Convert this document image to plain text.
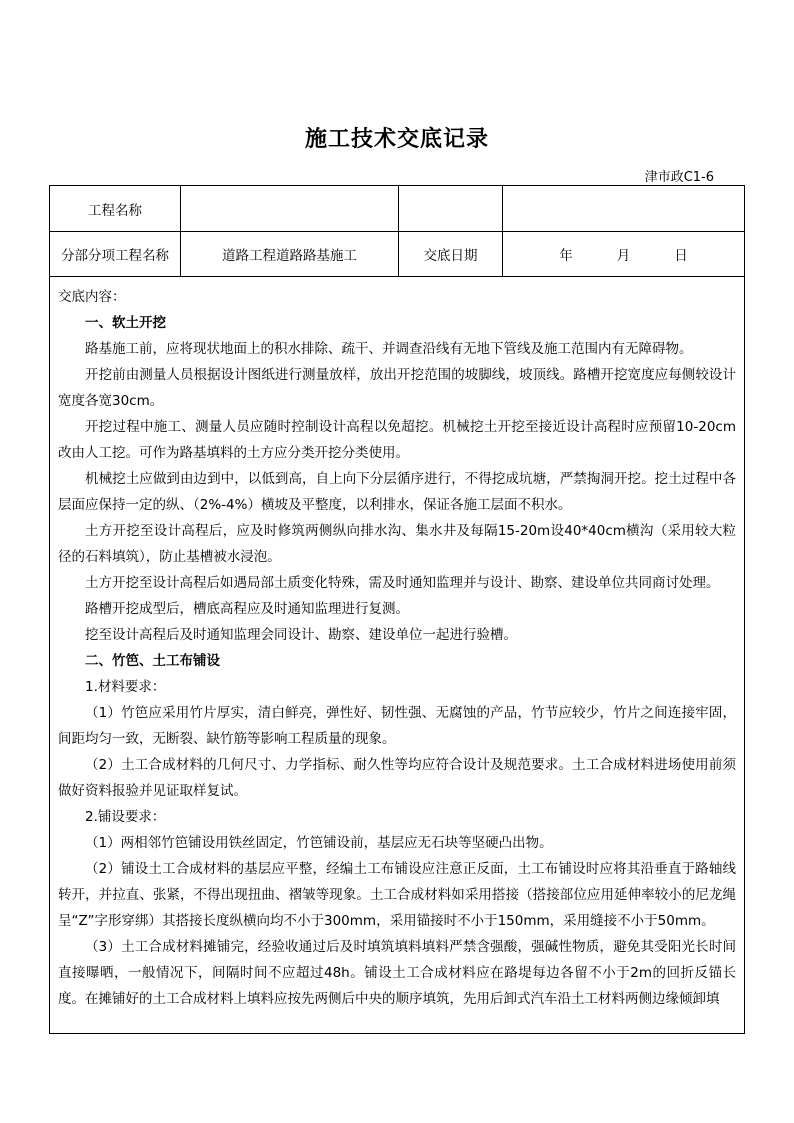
施工技术交底记录
津市政C1-6
工程名称
分部分项工程名称	道路工程道路路基施工	交底日期	年	月	日

交底内容：

一、软土开挖

路基施工前，应将现状地面上的积水排除、疏干、并调查沿线有无地下管线及施工范围内有无障碍物。

开挖前由测量人员根据设计图纸进行测量放样，放出开挖范围的坡脚线，坡顶线。路槽开挖宽度应每侧较设计宽度各宽30cm。

开挖过程中施工、测量人员应随时控制设计高程以免超挖。机械挖土开挖至接近设计高程时应预留10-20cm改由人工挖。可作为路基填料的土方应分类开挖分类使用。

机械挖土应做到由边到中，以低到高，自上向下分层循序进行，不得挖成坑塘，严禁掏洞开挖。挖土过程中各层面应保持一定的纵、（2%-4%）横坡及平整度，以利排水，保证各施工层面不积水。

土方开挖至设计高程后，应及时修筑两侧纵向排水沟、集水井及每隔15-20m设40*40cm横沟（采用较大粒径的石料填筑），防止基槽被水浸泡。

土方开挖至设计高程后如遇局部土质变化特殊，需及时通知监理并与设计、勘察、建设单位共同商讨处理。

路槽开挖成型后，槽底高程应及时通知监理进行复测。

挖至设计高程后及时通知监理会同设计、勘察、建设单位一起进行验槽。

二、竹笆、土工布铺设

1.材料要求：

（1）竹笆应采用竹片厚实，清白鲜亮，弹性好、韧性强、无腐蚀的产品，竹节应较少，竹片之间连接牢固，间距均匀一致，无断裂、缺竹筋等影响工程质量的现象。

（2）土工合成材料的几何尺寸、力学指标、耐久性等均应符合设计及规范要求。土工合成材料进场使用前须做好资料报验并见证取样复试。

2.铺设要求：

（1）两相邻竹笆铺设用铁丝固定，竹笆铺设前，基层应无石块等坚硬凸出物。

（2）铺设土工合成材料的基层应平整，经编土工布铺设应注意正反面，土工布铺设时应将其沿垂直于路轴线转开，并拉直、张紧，不得出现扭曲、褶皱等现象。土工合成材料如采用搭接（搭接部位应用延伸率较小的尼龙绳呈“Z”字形穿绑）其搭接长度纵横向均不小于300mm，采用锚接时不小于150mm，采用缝接不小于50mm。

（3）土工合成材料摊铺完，经验收通过后及时填筑填料填料严禁含强酸，强碱性物质，避免其受阳光长时间直接曝晒，一般情况下，间隔时间不应超过48h。铺设土工合成材料应在路堤每边各留不小于2m的回折反锚长度。在摊铺好的土工合成材料上填料应按先两侧后中央的顺序填筑，先用后卸式汽车沿土工材料两侧边缘倾卸填
